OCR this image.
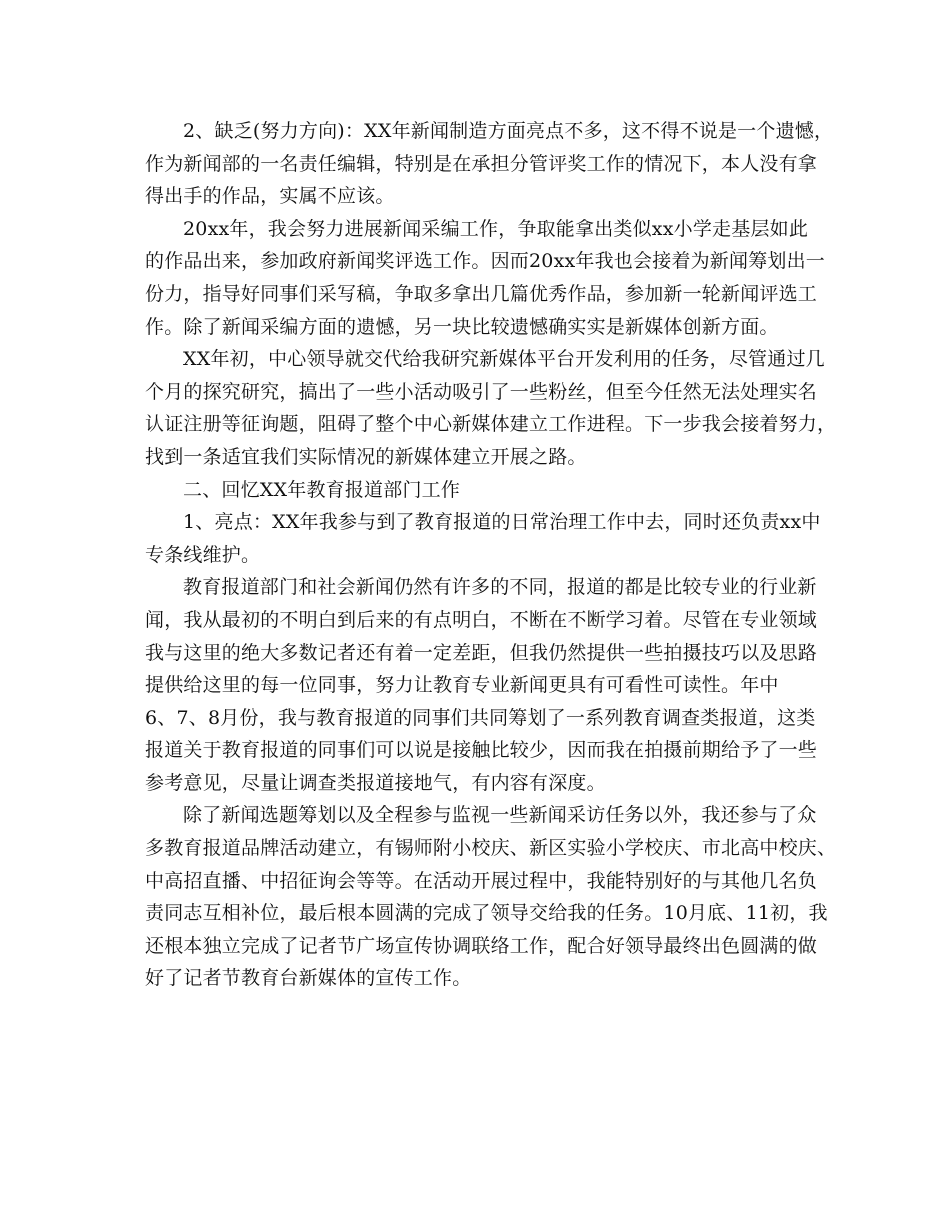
2、缺乏(努力方向)：XX年新闻制造方面亮点不多，这不得不说是一个遗憾，
作为新闻部的一名责任编辑，特别是在承担分管评奖工作的情况下，本人没有拿
得出手的作品，实属不应该。
20xx年，我会努力进展新闻采编工作，争取能拿出类似xx小学走基层如此
的作品出来，参加政府新闻奖评选工作。因而20xx年我也会接着为新闻筹划出一
份力，指导好同事们采写稿，争取多拿出几篇优秀作品，参加新一轮新闻评选工
作。除了新闻采编方面的遗憾，另一块比较遗憾确实实是新媒体创新方面。
XX年初，中心领导就交代给我研究新媒体平台开发利用的任务，尽管通过几
个月的探究研究，搞出了一些小活动吸引了一些粉丝，但至今任然无法处理实名
认证注册等征询题，阻碍了整个中心新媒体建立工作进程。下一步我会接着努力，
找到一条适宜我们实际情况的新媒体建立开展之路。
二、回忆XX年教育报道部门工作
1、亮点：XX年我参与到了教育报道的日常治理工作中去，同时还负责xx中
专条线维护。
教育报道部门和社会新闻仍然有许多的不同，报道的都是比较专业的行业新
闻，我从最初的不明白到后来的有点明白，不断在不断学习着。尽管在专业领域
我与这里的绝大多数记者还有着一定差距，但我仍然提供一些拍摄技巧以及思路
提供给这里的每一位同事，努力让教育专业新闻更具有可看性可读性。年中
6、7、8月份，我与教育报道的同事们共同筹划了一系列教育调查类报道，这类
报道关于教育报道的同事们可以说是接触比较少，因而我在拍摄前期给予了一些
参考意见，尽量让调查类报道接地气，有内容有深度。
除了新闻选题筹划以及全程参与监视一些新闻采访任务以外，我还参与了众
多教育报道品牌活动建立，有锡师附小校庆、新区实验小学校庆、市北高中校庆、
中高招直播、中招征询会等等。在活动开展过程中，我能特别好的与其他几名负
责同志互相补位，最后根本圆满的完成了领导交给我的任务。10月底、11初，我
还根本独立完成了记者节广场宣传协调联络工作，配合好领导最终出色圆满的做
好了记者节教育台新媒体的宣传工作。
